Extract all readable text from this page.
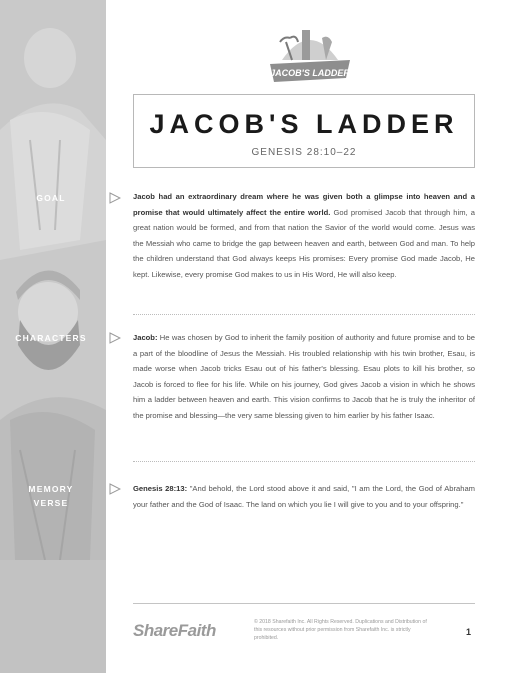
GOAL
CHARACTERS
MEMORY
VERSE
JACOB'S LADDER
JACOB'S LADDER
GENESIS 28:10–22
Jacob had an extraordinary dream where he was given both a glimpse into heaven and a promise that would ultimately affect the entire world. God promised Jacob that through him, a great nation would be formed, and from that nation the Savior of the world would come. Jesus was the Messiah who came to bridge the gap between heaven and earth, between God and man. To help the children understand that God always keeps His promises: Every promise God made Jacob, He kept. Likewise, every promise God makes to us in His Word, He will also keep.
Jacob: He was chosen by God to inherit the family position of authority and future promise and to be a part of the bloodline of Jesus the Messiah. His troubled relationship with his twin brother, Esau, is made worse when Jacob tricks Esau out of his father's blessing. Esau plots to kill his brother, so Jacob is forced to flee for his life. While on his journey, God gives Jacob a vision in which he shows him a ladder between heaven and earth. This vision confirms to Jacob that he is truly the inheritor of the promise and blessing—the very same blessing given to him earlier by his father Isaac.
Genesis 28:13: "And behold, the Lord stood above it and said, "I am the Lord, the God of Abraham your father and the God of Isaac. The land on which you lie I will give to you and to your offspring."
ShareFaith	© 2018 Sharefaith Inc. All Rights Reserved. Duplications and Distribution of this resources without prior permission from Sharefaith Inc. is strictly prohibited.
1
